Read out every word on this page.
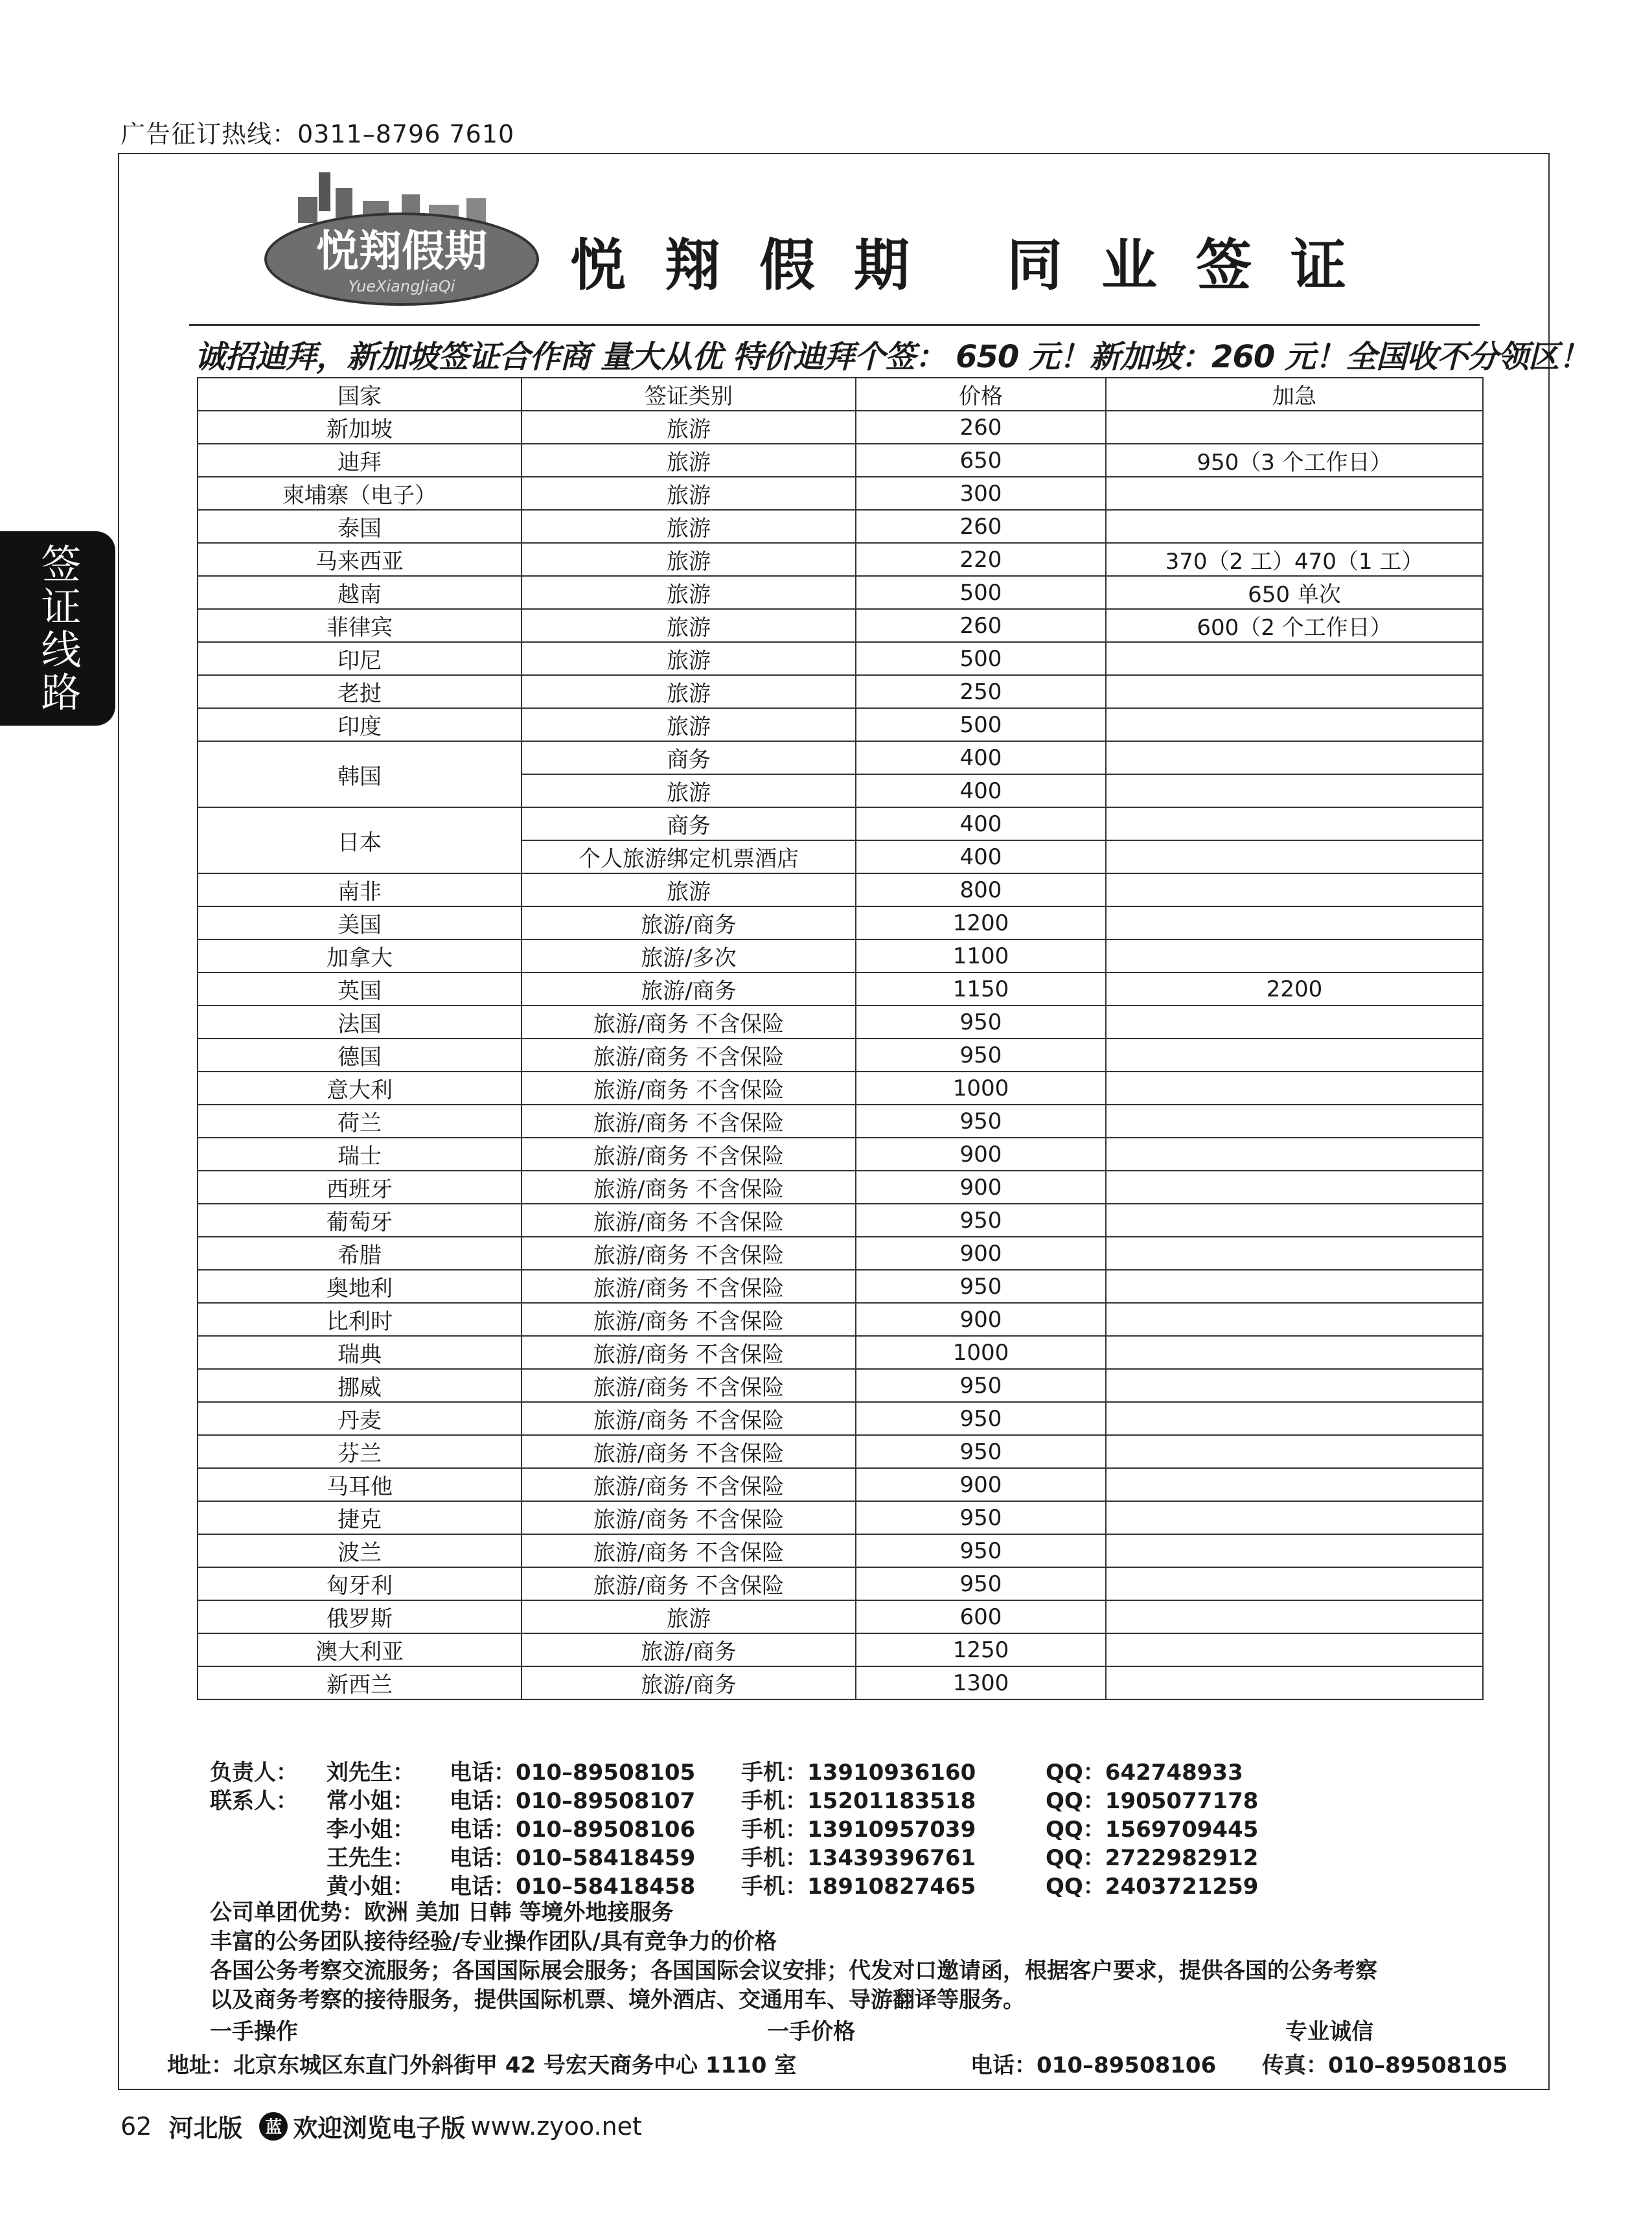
广告征订热线：0311–8796 7610
签证线路
悦翔假期
YueXiangJiaQi 悦翔假期 同业签证
诚招迪拜，新加坡签证合作商 量大从优 特价迪拜个签： 650 元！新加坡：260 元！全国收不分领区！
国家	签证类别	价格	加急
新加坡	旅游	260	
迪拜	旅游	650	950（3 个工作日）
柬埔寨（电子）	旅游	300	
泰国	旅游	260	
马来西亚	旅游	220	370（2 工）470（1 工）
越南	旅游	500	650 单次
菲律宾	旅游	260	600（2 个工作日）
印尼	旅游	500	
老挝	旅游	250	
印度	旅游	500	
韩国	商务	400	
	旅游	400	
日本	商务	400	
	个人旅游绑定机票酒店	400	
南非	旅游	800	
美国	旅游/商务	1200	
加拿大	旅游/多次	1100	
英国	旅游/商务	1150	2200
法国	旅游/商务 不含保险	950	
德国	旅游/商务 不含保险	950	
意大利	旅游/商务 不含保险	1000	
荷兰	旅游/商务 不含保险	950	
瑞士	旅游/商务 不含保险	900	
西班牙	旅游/商务 不含保险	900	
葡萄牙	旅游/商务 不含保险	950	
希腊	旅游/商务 不含保险	900	
奥地利	旅游/商务 不含保险	950	
比利时	旅游/商务 不含保险	900	
瑞典	旅游/商务 不含保险	1000	
挪威	旅游/商务 不含保险	950	
丹麦	旅游/商务 不含保险	950	
芬兰	旅游/商务 不含保险	950	
马耳他	旅游/商务 不含保险	900	
捷克	旅游/商务 不含保险	950	
波兰	旅游/商务 不含保险	950	
匈牙利	旅游/商务 不含保险	950	
俄罗斯	旅游	600	
澳大利亚	旅游/商务	1250	
新西兰	旅游/商务	1300	
负责人： 刘先生： 电话：010–89508105 手机：13910936160	QQ：642748933
联系人： 常小姐： 电话：010–89508107 手机：15201183518	QQ：1905077178
李小姐： 电话：010–89508106 手机：13910957039	QQ：1569709445
王先生： 电话：010–58418459 手机：13439396761	QQ：2722982912
黄小姐： 电话：010–58418458 手机：18910827465	QQ：2403721259
公司单团优势：欧洲 美加 日韩 等境外地接服务
丰富的公务团队接待经验/专业操作团队/具有竞争力的价格
各国公务考察交流服务；各国国际展会服务；各国国际会议安排；代发对口邀请函，根据客户要求，提供各国的公务考察
以及商务考察的接待服务，提供国际机票、境外酒店、交通用车、导游翻译等服务。
一手操作	一手价格	专业诚信
地址：北京东城区东直门外斜街甲 42 号宏天商务中心 1110 室	电话：010–89508106 传真：010–89508105
62 河北版	蓝 欢迎浏览电子版 www.zyoo.net
